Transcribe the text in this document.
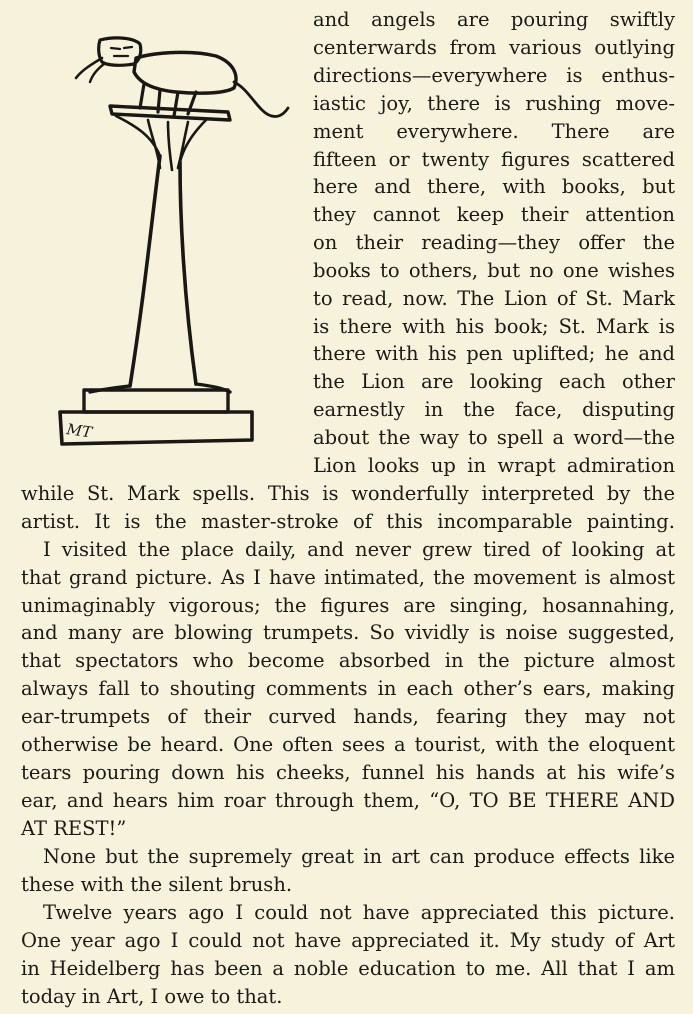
MT
and angels are pouring swiftly
centerwards from various outlying
directions—everywhere is enthus-
iastic joy, there is rushing move-
ment everywhere. There are
fifteen or twenty figures scattered
here and there, with books, but
they cannot keep their attention
on their reading—they offer the
books to others, but no one wishes
to read, now. The Lion of St. Mark
is there with his book; St. Mark is
there with his pen uplifted; he and
the Lion are looking each other
earnestly in the face, disputing
about the way to spell a word—the
Lion looks up in wrapt admiration
while St. Mark spells. This is wonderfully interpreted by the
artist. It is the master-stroke of this incomparable painting.
I visited the place daily, and never grew tired of looking at
that grand picture. As I have intimated, the movement is almost
unimaginably vigorous; the figures are singing, hosannahing,
and many are blowing trumpets. So vividly is noise suggested,
that spectators who become absorbed in the picture almost
always fall to shouting comments in each other’s ears, making
ear-trumpets of their curved hands, fearing they may not
otherwise be heard. One often sees a tourist, with the eloquent
tears pouring down his cheeks, funnel his hands at his wife’s
ear, and hears him roar through them, “O, TO BE THERE AND
AT REST!”
None but the supremely great in art can produce effects like
these with the silent brush.
Twelve years ago I could not have appreciated this picture.
One year ago I could not have appreciated it. My study of Art
in Heidelberg has been a noble education to me. All that I am
today in Art, I owe to that.
